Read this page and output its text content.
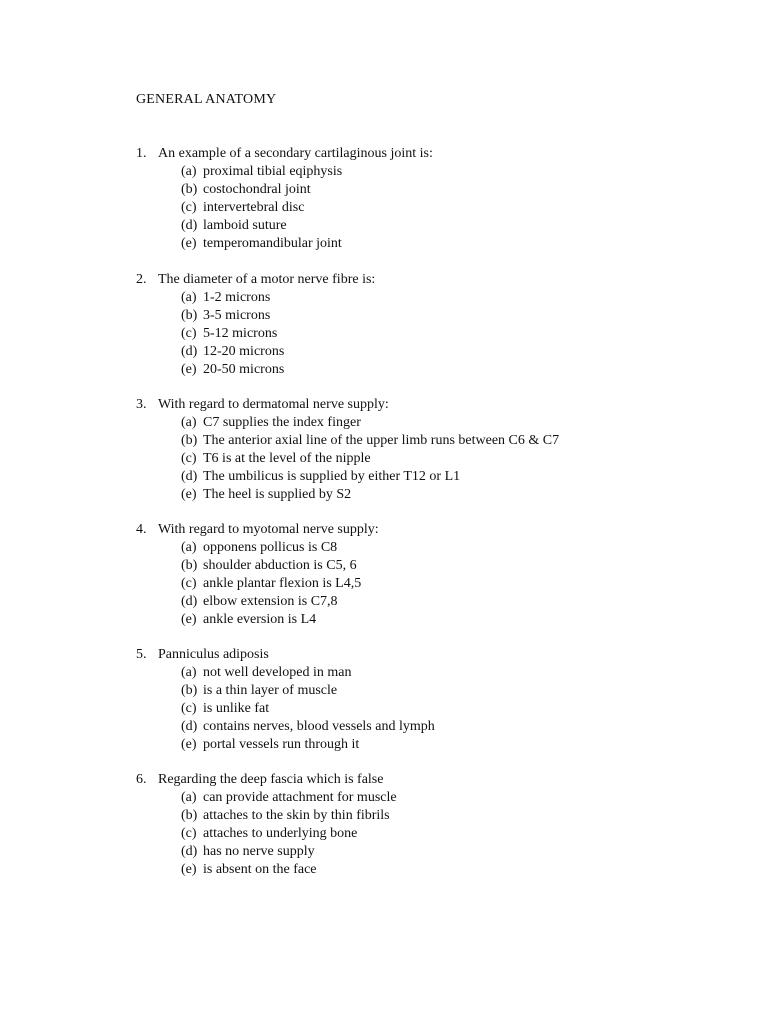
GENERAL ANATOMY
1. An example of a secondary cartilaginous joint is:
(a) proximal tibial eqiphysis
(b) costochondral joint
(c) intervertebral disc
(d) lamboid suture
(e) temperomandibular joint
2. The diameter of a motor nerve fibre is:
(a) 1-2 microns
(b) 3-5 microns
(c) 5-12 microns
(d) 12-20 microns
(e) 20-50 microns
3. With regard to dermatomal nerve supply:
(a) C7 supplies the index finger
(b) The anterior axial line of the upper limb runs between C6 & C7
(c) T6 is at the level of the nipple
(d) The umbilicus is supplied by either T12 or L1
(e) The heel is supplied by S2
4. With regard to myotomal nerve supply:
(a) opponens pollicus is C8
(b) shoulder abduction is C5, 6
(c) ankle plantar flexion is L4,5
(d) elbow extension is C7,8
(e) ankle eversion is L4
5. Panniculus adiposis
(a) not well developed in man
(b) is a thin layer of muscle
(c) is unlike fat
(d) contains nerves, blood vessels and lymph
(e) portal vessels run through it
6. Regarding the deep fascia which is false
(a) can provide attachment for muscle
(b) attaches to the skin by thin fibrils
(c) attaches to underlying bone
(d) has no nerve supply
(e) is absent on the face
